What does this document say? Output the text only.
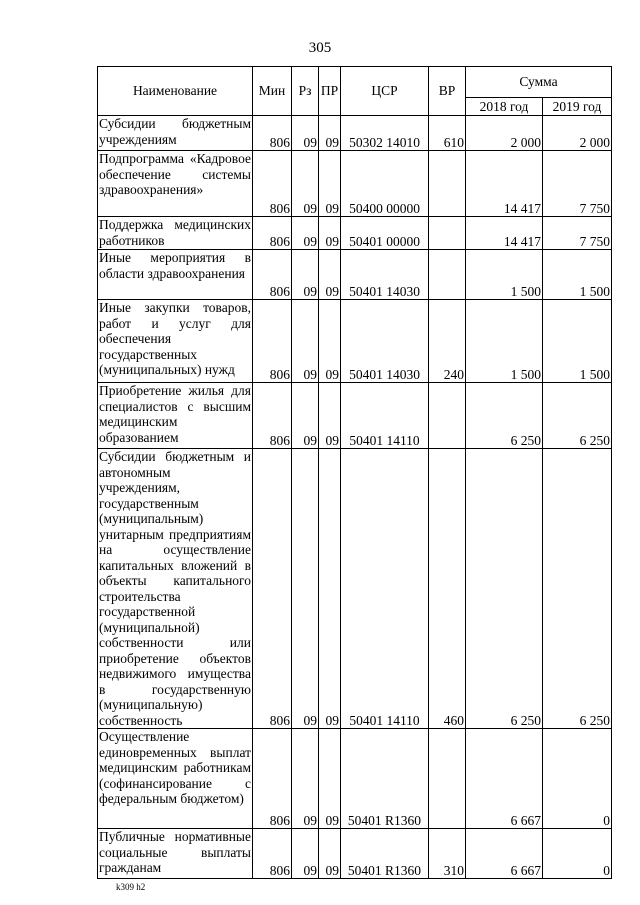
305
Наименование	Мин	Рз	ПР	ЦСР	ВР	Сумма	
						2018 год	2019 год
Субсидии бюджетным учреждениям	806	09	09	50302 14010	610	2 000	2 000
Подпрограмма «Кадровое обеспечение системы здравоохранения»	806	09	09	50400 00000		14 417	7 750
Поддержка медицинских работников	806	09	09	50401 00000		14 417	7 750
Иные мероприятия в области здравоохранения	806	09	09	50401 14030		1 500	1 500
Иные закупки товаров, работ и услуг для обеспечения государственных (муниципальных) нужд	806	09	09	50401 14030	240	1 500	1 500
Приобретение жилья для специалистов с высшим медицинским образованием	806	09	09	50401 14110		6 250	6 250
Субсидии бюджетным и автономным учреждениям, государственным (муниципальным) унитарным предприятиям на осуществление капитальных вложений в объекты капитального строительства государственной (муниципальной) собственности или приобретение объектов недвижимого имущества в государственную (муниципальную) собственность	806	09	09	50401 14110	460	6 250	6 250
Осуществление единовременных выплат медицинским работникам (софинансирование с федеральным бюджетом)	806	09	09	50401 R1360		6 667	0
Публичные нормативные социальные выплаты гражданам	806	09	09	50401 R1360	310	6 667	0
k309 h2
